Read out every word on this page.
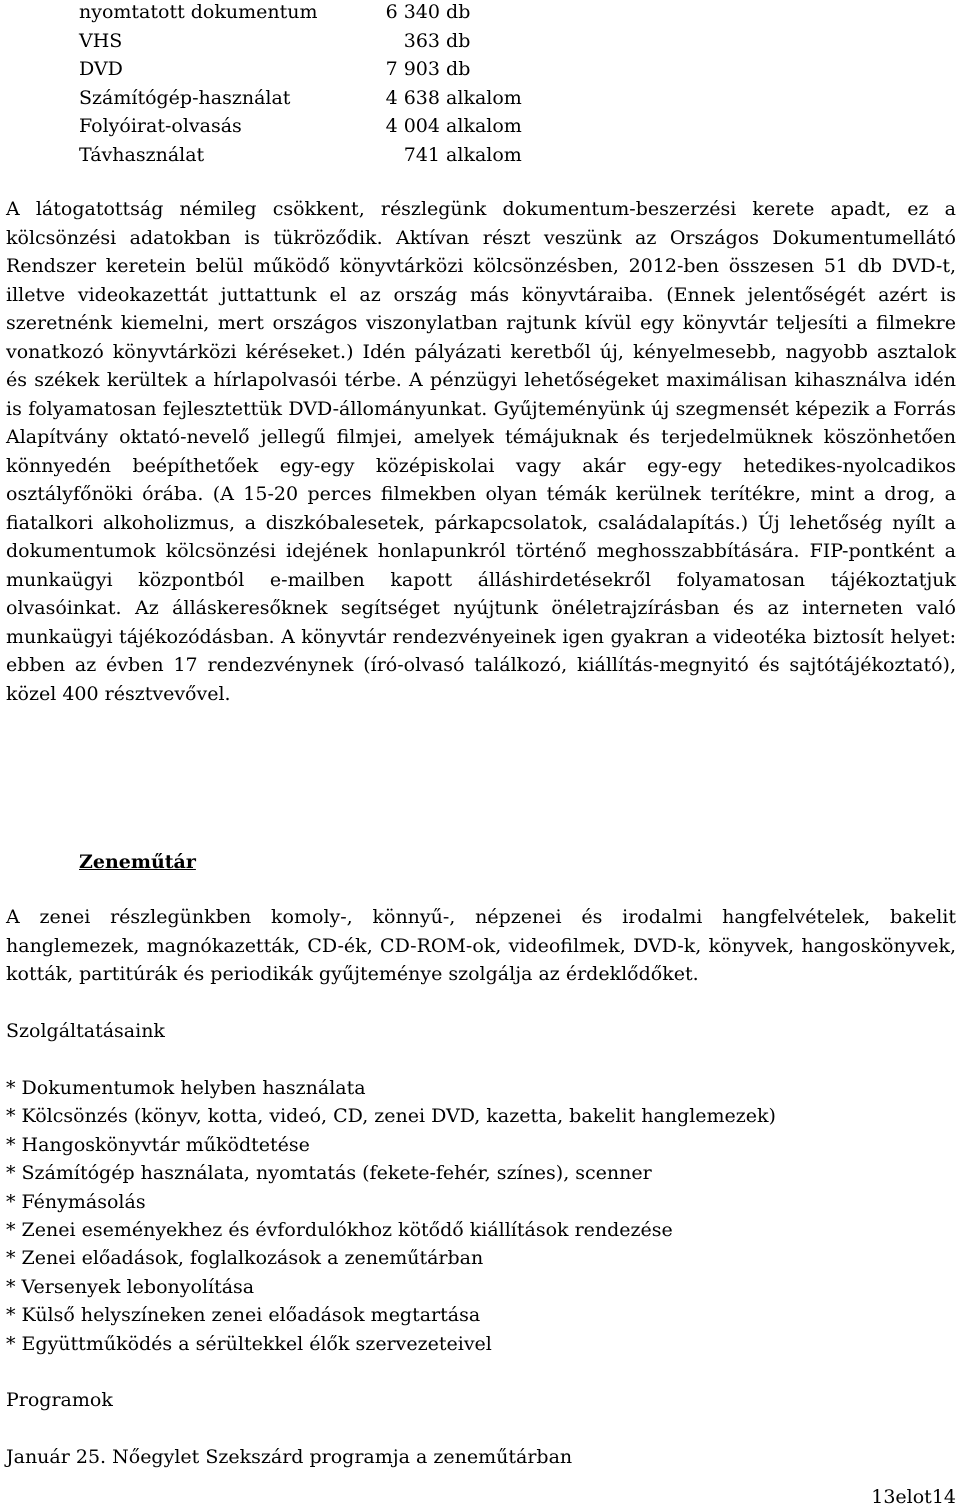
nyomtatott dokumentum	6 340 db
VHS	363 db
DVD	7 903 db
Számítógép-használat	4 638 alkalom
Folyóirat-olvasás	4 004 alkalom
Távhasználat	741 alkalom

A látogatottság némileg csökkent, részlegünk dokumentum-beszerzési kerete apadt, ez a kölcsönzési adatokban is tükröződik. Aktívan részt veszünk az Országos Dokumentumellátó Rendszer keretein belül működő könyvtárközi kölcsönzésben, 2012-ben összesen 51 db DVD-t, illetve videokazettát juttattunk el az ország más könyvtáraiba. (Ennek jelentőségét azért is szeretnénk kiemelni, mert országos viszonylatban rajtunk kívül egy könyvtár teljesíti a filmekre vonatkozó könyvtárközi kéréseket.) Idén pályázati keretből új, kényelmesebb, nagyobb asztalok és székek kerültek a hírlapolvasói térbe. A pénzügyi lehetőségeket maximálisan kihasználva idén is folyamatosan fejlesztettük DVD-állományunkat. Gyűjteményünk új szegmensét képezik a Forrás Alapítvány oktató-nevelő jellegű filmjei, amelyek témájuknak és terjedelmüknek köszönhetően könnyedén beépíthetőek egy-egy középiskolai vagy akár egy-egy hetedikes-nyolcadikos osztályfőnöki órába. (A 15-20 perces filmekben olyan témák kerülnek terítékre, mint a drog, a fiatalkori alkoholizmus, a diszkóbalesetek, párkapcsolatok, családalapítás.) Új lehetőség nyílt a dokumentumok kölcsönzési idejének honlapunkról történő meghosszabbítására. FIP-pontként a munkaügyi központból e-mailben kapott álláshirdetésekről folyamatosan tájékoztatjuk olvasóinkat. Az álláskeresőknek segítséget nyújtunk önéletrajzírásban és az interneten való munkaügyi tájékozódásban. A könyvtár rendezvényeinek igen gyakran a videotéka biztosít helyet: ebben az évben 17 rendezvénynek (író-olvasó találkozó, kiállítás-megnyitó és sajtótájékoztató), közel 400 résztvevővel.

Zeneműtár

A zenei részlegünkben komoly-, könnyű-, népzenei és irodalmi hangfelvételek, bakelit hanglemezek, magnókazetták, CD-ék, CD-ROM-ok, videofilmek, DVD-k, könyvek, hangoskönyvek, kották, partitúrák és periodikák gyűjteménye szolgálja az érdeklődőket.

Szolgáltatásaink

* Dokumentumok helyben használata
* Kölcsönzés (könyv, kotta, videó, CD, zenei DVD, kazetta, bakelit hanglemezek)
* Hangoskönyvtár működtetése
* Számítógép használata, nyomtatás (fekete-fehér, színes), scenner
* Fénymásolás
* Zenei eseményekhez és évfordulókhoz kötődő kiállítások rendezése
* Zenei előadások, foglalkozások a zeneműtárban
* Versenyek lebonyolítása
* Külső helyszíneken zenei előadások megtartása
* Együttműködés a sérültekkel élők szervezeteivel

Programok

Január 25. Nőegylet Szekszárd programja a zeneműtárban

13elot14
